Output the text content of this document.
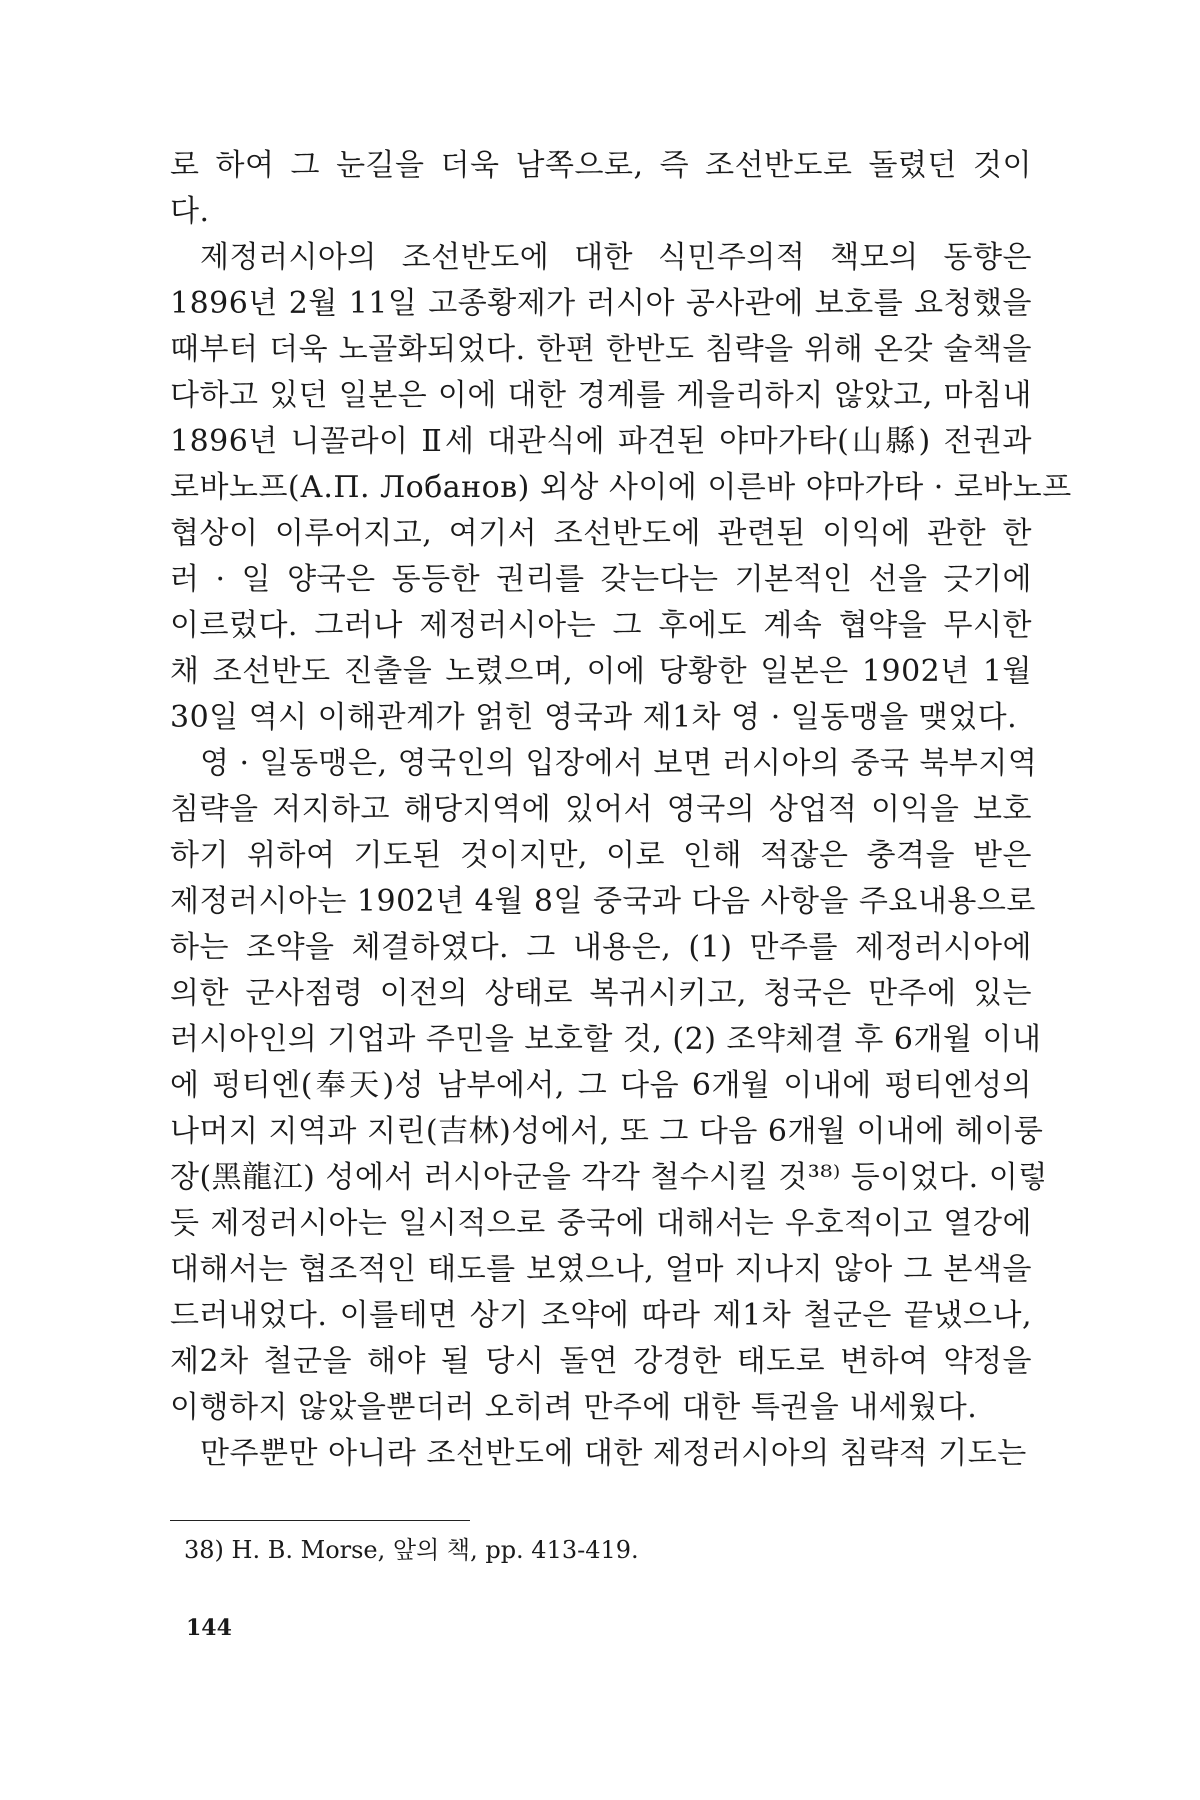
로 하여 그 눈길을 더욱 남쪽으로, 즉 조선반도로 돌렸던 것이
다.
제정러시아의 조선반도에 대한 식민주의적 책모의 동향은
1896년 2월 11일 고종황제가 러시아 공사관에 보호를 요청했을
때부터 더욱 노골화되었다. 한편 한반도 침략을 위해 온갖 술책을
다하고 있던 일본은 이에 대한 경계를 게을리하지 않았고, 마침내
1896년 니꼴라이 Ⅱ세 대관식에 파견된 야마가타(山縣) 전권과
로바노프(А.П. Лобанов) 외상 사이에 이른바 야마가타 · 로바노프
협상이 이루어지고, 여기서 조선반도에 관련된 이익에 관한 한
러 · 일 양국은 동등한 권리를 갖는다는 기본적인 선을 긋기에
이르렀다. 그러나 제정러시아는 그 후에도 계속 협약을 무시한
채 조선반도 진출을 노렸으며, 이에 당황한 일본은 1902년 1월
30일 역시 이해관계가 얽힌 영국과 제1차 영 · 일동맹을 맺었다.
영 · 일동맹은, 영국인의 입장에서 보면 러시아의 중국 북부지역
침략을 저지하고 해당지역에 있어서 영국의 상업적 이익을 보호
하기 위하여 기도된 것이지만, 이로 인해 적잖은 충격을 받은
제정러시아는 1902년 4월 8일 중국과 다음 사항을 주요내용으로
하는 조약을 체결하였다. 그 내용은, (1) 만주를 제정러시아에
의한 군사점령 이전의 상태로 복귀시키고, 청국은 만주에 있는
러시아인의 기업과 주민을 보호할 것, (2) 조약체결 후 6개월 이내
에 펑티엔(奉天)성 남부에서, 그 다음 6개월 이내에 펑티엔성의
나머지 지역과 지린(吉林)성에서, 또 그 다음 6개월 이내에 헤이룽
장(黑龍江) 성에서 러시아군을 각각 철수시킬 것³⁸⁾ 등이었다. 이렇
듯 제정러시아는 일시적으로 중국에 대해서는 우호적이고 열강에
대해서는 협조적인 태도를 보였으나, 얼마 지나지 않아 그 본색을
드러내었다. 이를테면 상기 조약에 따라 제1차 철군은 끝냈으나,
제2차 철군을 해야 될 당시 돌연 강경한 태도로 변하여 약정을
이행하지 않았을뿐더러 오히려 만주에 대한 특권을 내세웠다.
만주뿐만 아니라 조선반도에 대한 제정러시아의 침략적 기도는
38) H. B. Morse, 앞의 책, pp. 413-419.
144
